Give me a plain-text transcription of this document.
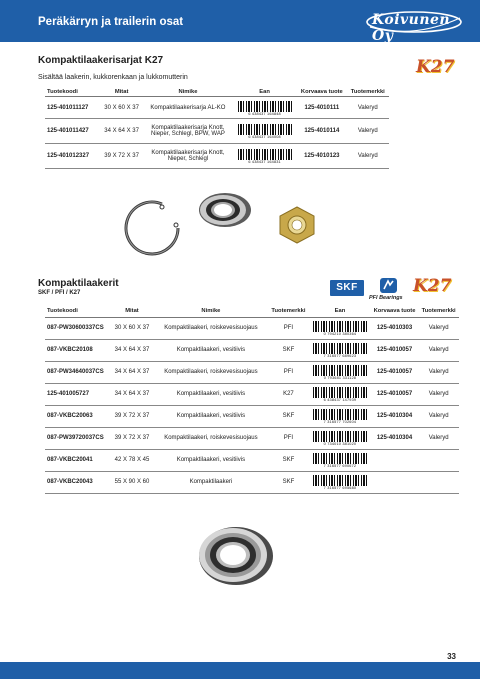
Peräkärryn ja trailerin osat	Koivunen Oy
Kompaktilaakerisarjat K27
Sisältää laakerin, kukkorenkaan ja lukkomutterin
K27
Tuotekoodi	Mitat	Nimike	Ean	Korvaava tuote	Tuotemerkki
125-401011127	30 X 60 X 37	Kompaktilaakerisarja AL-KO	6 438437 164848	125-4010111	Valeryd
125-401011427	34 X 64 X 37	Kompaktilaakerisarja Knott, Nieper, Schlegl, BPW, WAP	6 438437 164008	125-4010114	Valeryd
125-401012327	39 X 72 X 37	Kompaktilaakerisarja Knott, Nieper, Schlegl	6 438437 164831	125-4010123	Valeryd
Kompaktilaakerit
SKF / PFI / K27	SKF
PFI Bearings
K27
Tuotekoodi	Mitat	Nimike	Tuotemerkki	Ean	Korvaava tuote	Tuotemerkki
087-PW30600337CS	30 X 60 X 37	Kompaktilaakeri, roiskevesisuojaus	PFI	0 794210 380364	125-4010303	Valeryd
087-VKBC20108	34 X 64 X 37	Kompaktilaakeri, vesitiivis	SKF	7 316577 689623	125-4010057	Valeryd
087-PW34640037CS	34 X 64 X 37	Kompaktilaakeri, roiskevesisuojaus	PFI	0 793681 331128	125-4010057	Valeryd
125-401005727	34 X 64 X 37	Kompaktilaakeri, vesitiivis	K27	6 438437 147939	125-4010057	Valeryd
087-VKBC20063	39 X 72 X 37	Kompaktilaakeri, vesitiivis	SKF	7 316577 702604	125-4010304	Valeryd
087-PW39720037CS	39 X 72 X 37	Kompaktilaakeri, roiskevesisuojaus	PFI	0 734010 381020	125-4010304	Valeryd
087-VKBC20041	42 X 78 X 45	Kompaktilaakeri, vesitiivis	SKF	7 316577 690672		

087-VKBC20043	55 X 90 X 60	Kompaktilaakeri	SKF	7 316577 695680		

33
